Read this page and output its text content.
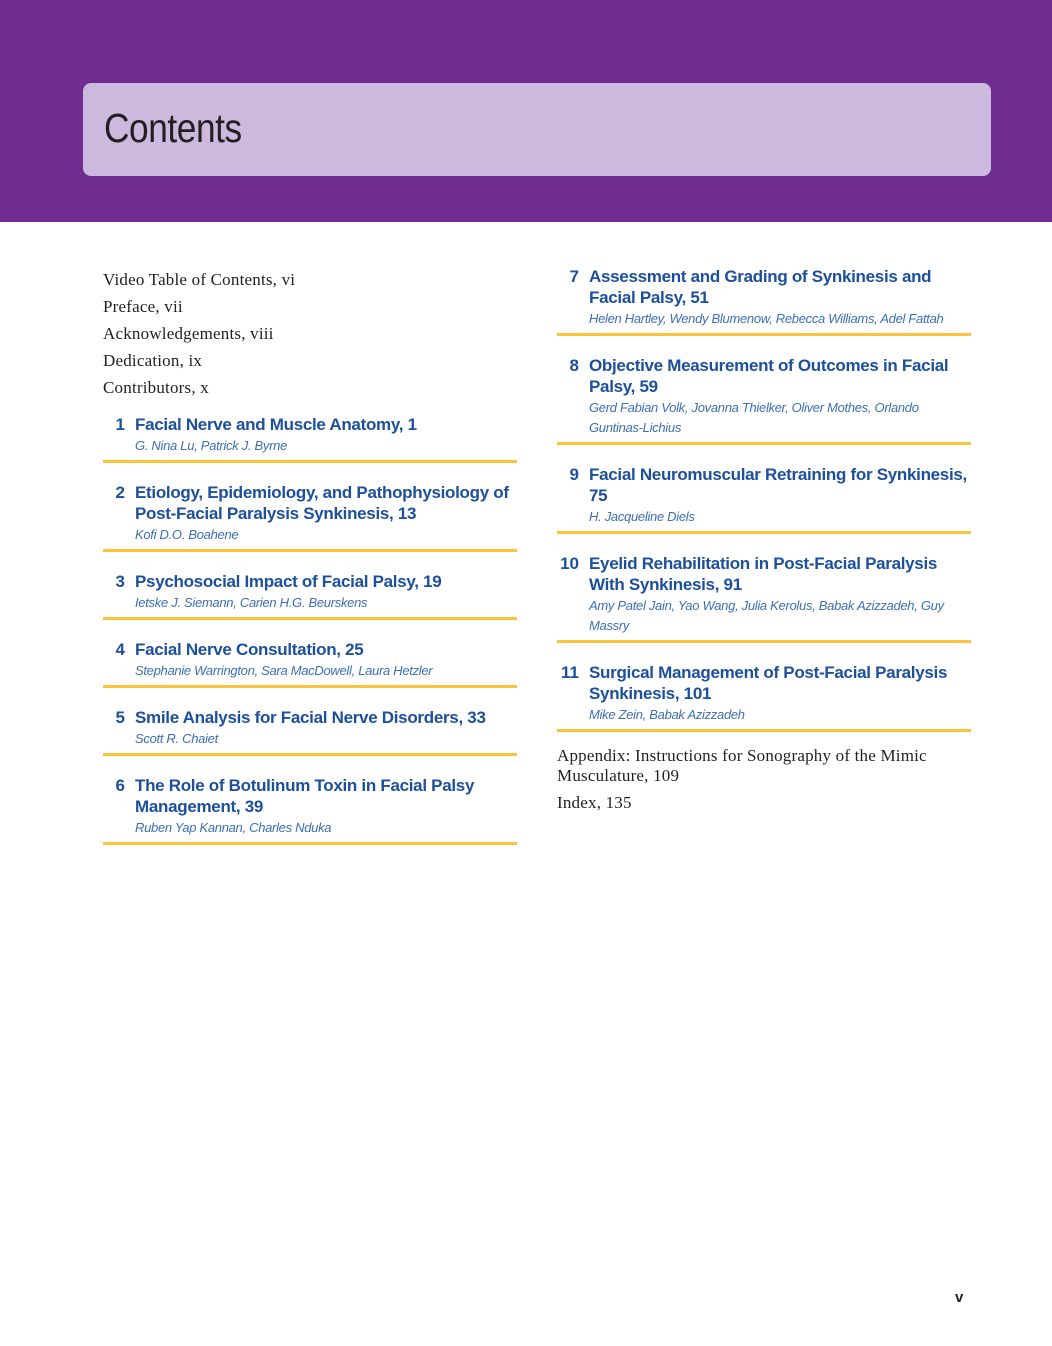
Contents
Video Table of Contents, vi
Preface, vii
Acknowledgements, viii
Dedication, ix
Contributors, x
1 Facial Nerve and Muscle Anatomy, 1
G. Nina Lu, Patrick J. Byrne
2 Etiology, Epidemiology, and Pathophysiology of Post-Facial Paralysis Synkinesis, 13
Kofi D.O. Boahene
3 Psychosocial Impact of Facial Palsy, 19
Ietske J. Siemann, Carien H.G. Beurskens
4 Facial Nerve Consultation, 25
Stephanie Warrington, Sara MacDowell, Laura Hetzler
5 Smile Analysis for Facial Nerve Disorders, 33
Scott R. Chaiet
6 The Role of Botulinum Toxin in Facial Palsy Management, 39
Ruben Yap Kannan, Charles Nduka
7 Assessment and Grading of Synkinesis and Facial Palsy, 51
Helen Hartley, Wendy Blumenow, Rebecca Williams, Adel Fattah
8 Objective Measurement of Outcomes in Facial Palsy, 59
Gerd Fabian Volk, Jovanna Thielker, Oliver Mothes, Orlando Guntinas-Lichius
9 Facial Neuromuscular Retraining for Synkinesis, 75
H. Jacqueline Diels
10 Eyelid Rehabilitation in Post-Facial Paralysis With Synkinesis, 91
Amy Patel Jain, Yao Wang, Julia Kerolus, Babak Azizzadeh, Guy Massry
11 Surgical Management of Post-Facial Paralysis Synkinesis, 101
Mike Zein, Babak Azizzadeh

Appendix: Instructions for Sonography of the Mimic Musculature, 109

Index, 135

v
